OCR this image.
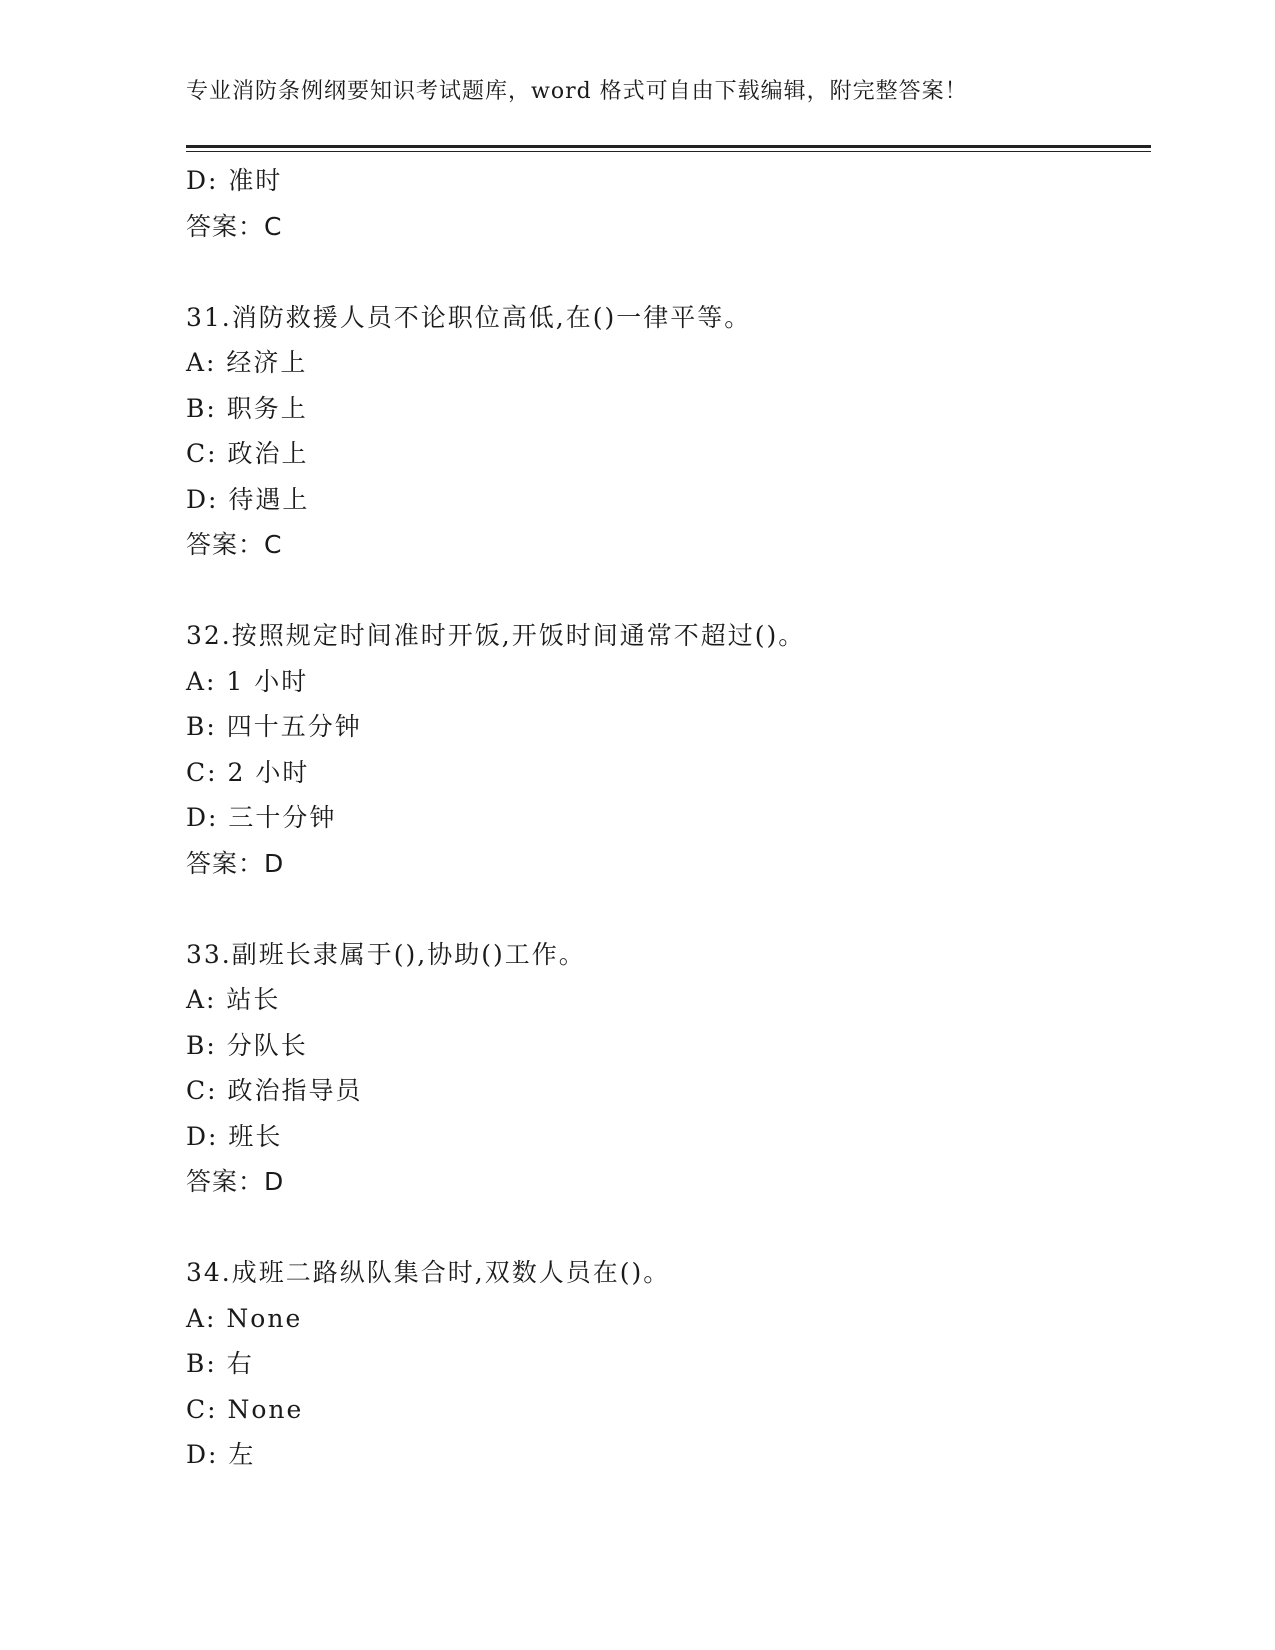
专业消防条例纲要知识考试题库，word 格式可自由下载编辑，附完整答案！
D: 准时
答案：C
31.消防救援人员不论职位高低,在()一律平等。
A: 经济上
B: 职务上
C: 政治上
D: 待遇上
答案：C
32.按照规定时间准时开饭,开饭时间通常不超过()。
A: 1 小时
B: 四十五分钟
C: 2 小时
D: 三十分钟
答案：D
33.副班长隶属于(),协助()工作。
A: 站长
B: 分队长
C: 政治指导员
D: 班长
答案：D
34.成班二路纵队集合时,双数人员在()。
A: None
B: 右
C: None
D: 左
